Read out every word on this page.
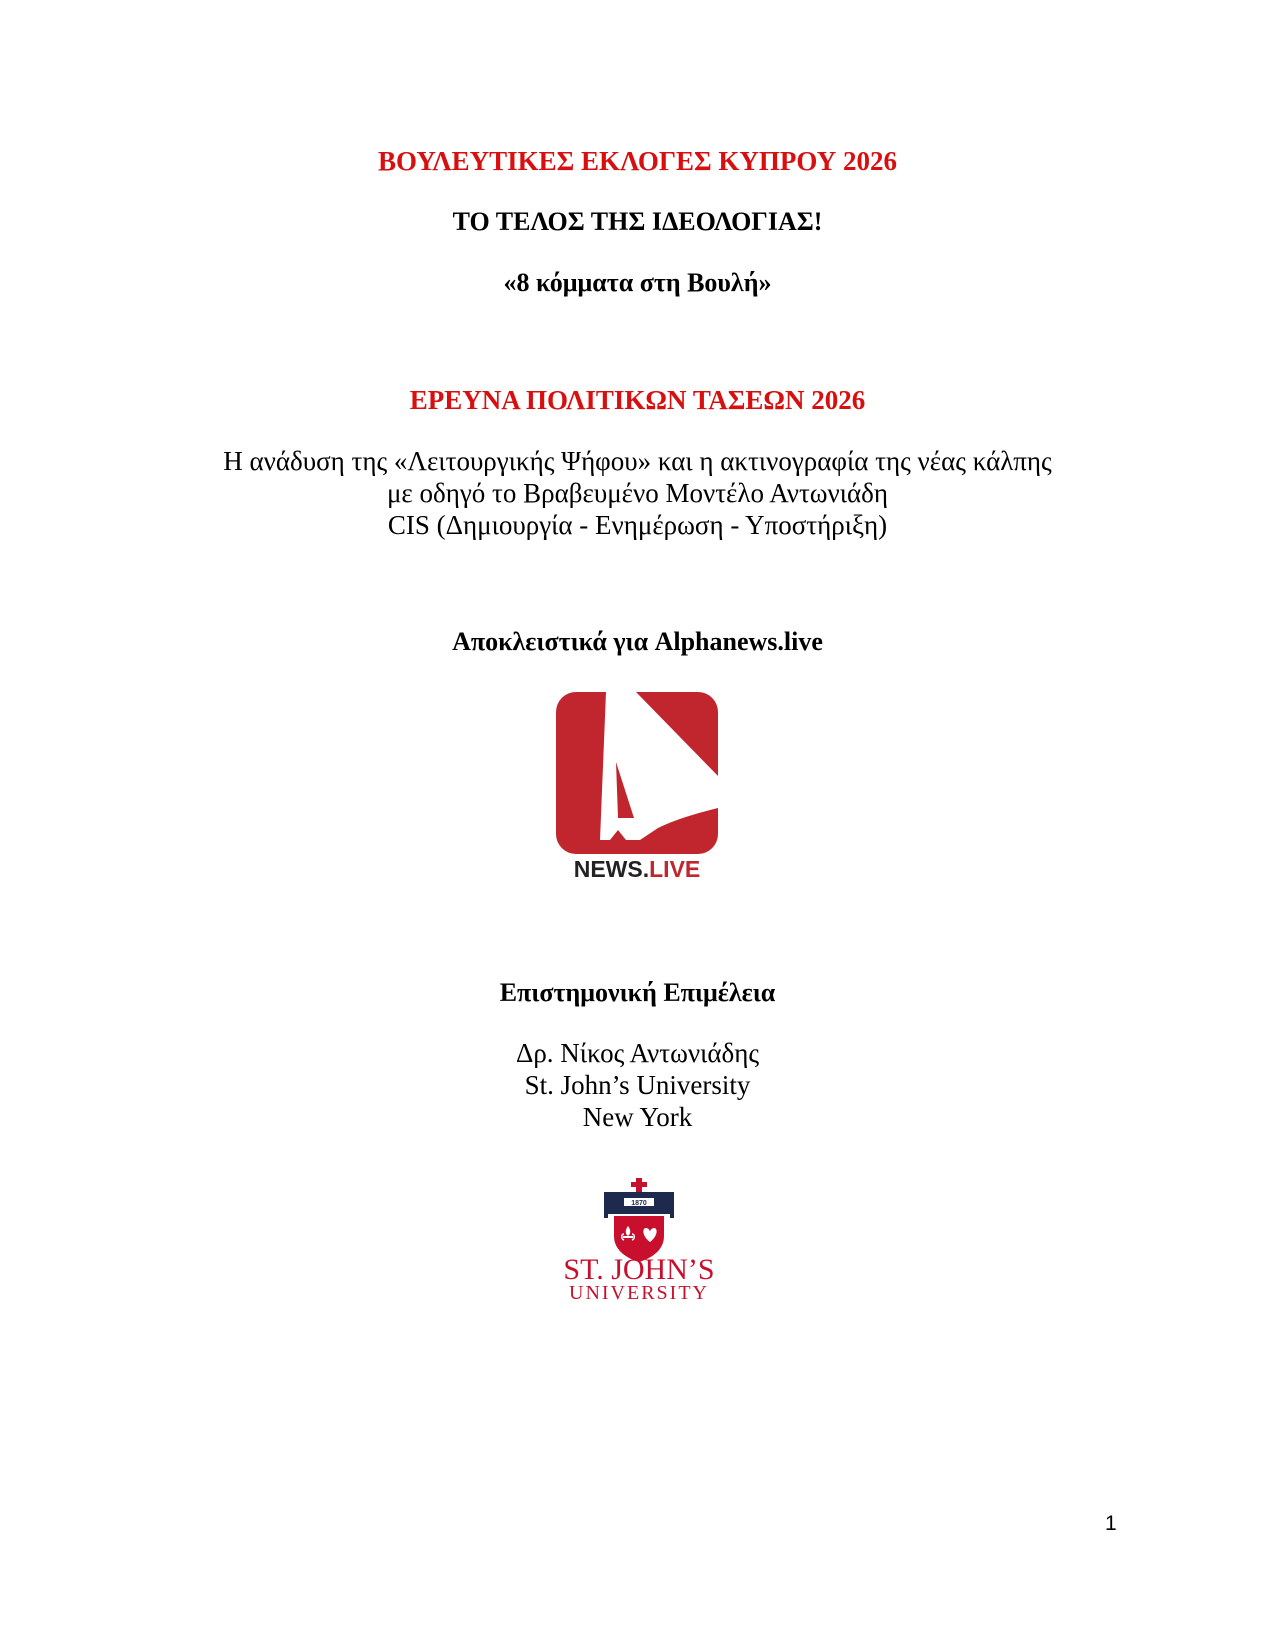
ΒΟΥΛΕΥΤΙΚΕΣ ΕΚΛΟΓΕΣ ΚΥΠΡΟΥ 2026
ΤΟ ΤΕΛΟΣ ΤΗΣ ΙΔΕΟΛΟΓΙΑΣ!
«8 κόμματα στη Βουλή»
ΕΡΕΥΝΑ ΠΟΛΙΤΙΚΩΝ ΤΑΣΕΩΝ 2026
Η ανάδυση της «Λειτουργικής Ψήφου» και η ακτινογραφία της νέας κάλπης
με οδηγό το Βραβευμένο Μοντέλο Αντωνιάδη
CIS (Δημιουργία - Ενημέρωση - Υποστήριξη)
Αποκλειστικά για Alphanews.live
NEWS.LIVE
Επιστημονική Επιμέλεια
Δρ. Νίκος Αντωνιάδης
St. John’s University
New York
1870
ST. JOHN’S
UNIVERSITY
1
